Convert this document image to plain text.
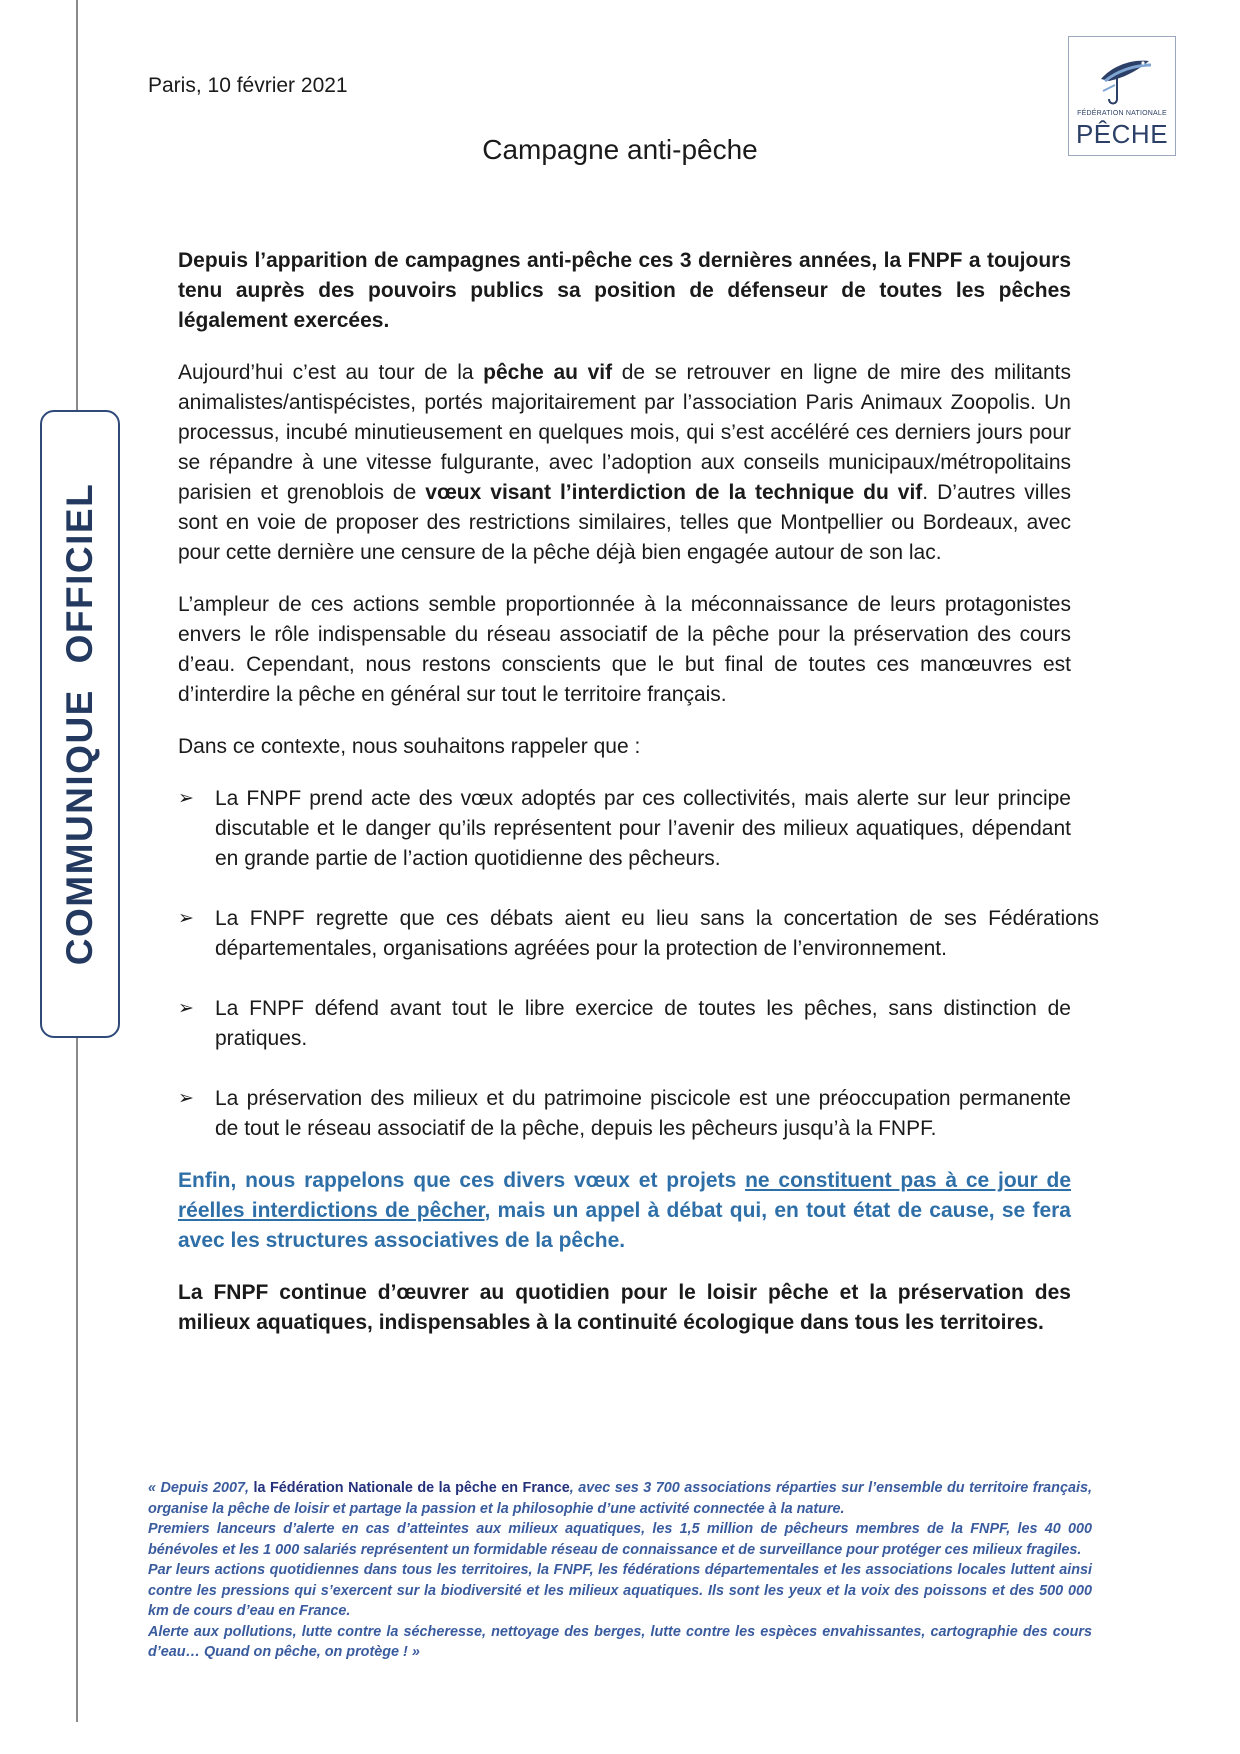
COMMUNIQUE OFFICIEL
Paris, 10 février 2021
Campagne anti-pêche
FÉDÉRATION NATIONALE
PÊCHE

Depuis l’apparition de campagnes anti-pêche ces 3 dernières années, la FNPF a toujours tenu auprès des pouvoirs publics sa position de défenseur de toutes les pêches légalement exercées.

Aujourd’hui c’est au tour de la pêche au vif de se retrouver en ligne de mire des militants animalistes/antispécistes, portés majoritairement par l’association Paris Animaux Zoopolis. Un processus, incubé minutieusement en quelques mois, qui s’est accéléré ces derniers jours pour se répandre à une vitesse fulgurante, avec l’adoption aux conseils municipaux/métropolitains parisien et grenoblois de vœux visant l’interdiction de la technique du vif. D’autres villes sont en voie de proposer des restrictions similaires, telles que Montpellier ou Bordeaux, avec pour cette dernière une censure de la pêche déjà bien engagée autour de son lac.

L’ampleur de ces actions semble proportionnée à la méconnaissance de leurs protagonistes envers le rôle indispensable du réseau associatif de la pêche pour la préservation des cours d’eau. Cependant, nous restons conscients que le but final de toutes ces manœuvres est d’interdire la pêche en général sur tout le territoire français.

Dans ce contexte, nous souhaitons rappeler que :

➢ La FNPF prend acte des vœux adoptés par ces collectivités, mais alerte sur leur principe discutable et le danger qu’ils représentent pour l’avenir des milieux aquatiques, dépendant en grande partie de l’action quotidienne des pêcheurs.
➢ La FNPF regrette que ces débats aient eu lieu sans la concertation de ses Fédérations départementales, organisations agréées pour la protection de l’environnement.
➢ La FNPF défend avant tout le libre exercice de toutes les pêches, sans distinction de pratiques.
➢ La préservation des milieux et du patrimoine piscicole est une préoccupation permanente de tout le réseau associatif de la pêche, depuis les pêcheurs jusqu’à la FNPF.

Enfin, nous rappelons que ces divers vœux et projets ne constituent pas à ce jour de réelles interdictions de pêcher, mais un appel à débat qui, en tout état de cause, se fera avec les structures associatives de la pêche.

La FNPF continue d’œuvrer au quotidien pour le loisir pêche et la préservation des milieux aquatiques, indispensables à la continuité écologique dans tous les territoires.

« Depuis 2007, la Fédération Nationale de la pêche en France, avec ses 3 700 associations réparties sur l’ensemble du territoire français, organise la pêche de loisir et partage la passion et la philosophie d’une activité connectée à la nature.

Premiers lanceurs d’alerte en cas d’atteintes aux milieux aquatiques, les 1,5 million de pêcheurs membres de la FNPF, les 40 000 bénévoles et les 1 000 salariés représentent un formidable réseau de connaissance et de surveillance pour protéger ces milieux fragiles.

Par leurs actions quotidiennes dans tous les territoires, la FNPF, les fédérations départementales et les associations locales luttent ainsi contre les pressions qui s’exercent sur la biodiversité et les milieux aquatiques. Ils sont les yeux et la voix des poissons et des 500 000 km de cours d’eau en France.

Alerte aux pollutions, lutte contre la sécheresse, nettoyage des berges, lutte contre les espèces envahissantes, cartographie des cours d’eau… Quand on pêche, on protège ! »
